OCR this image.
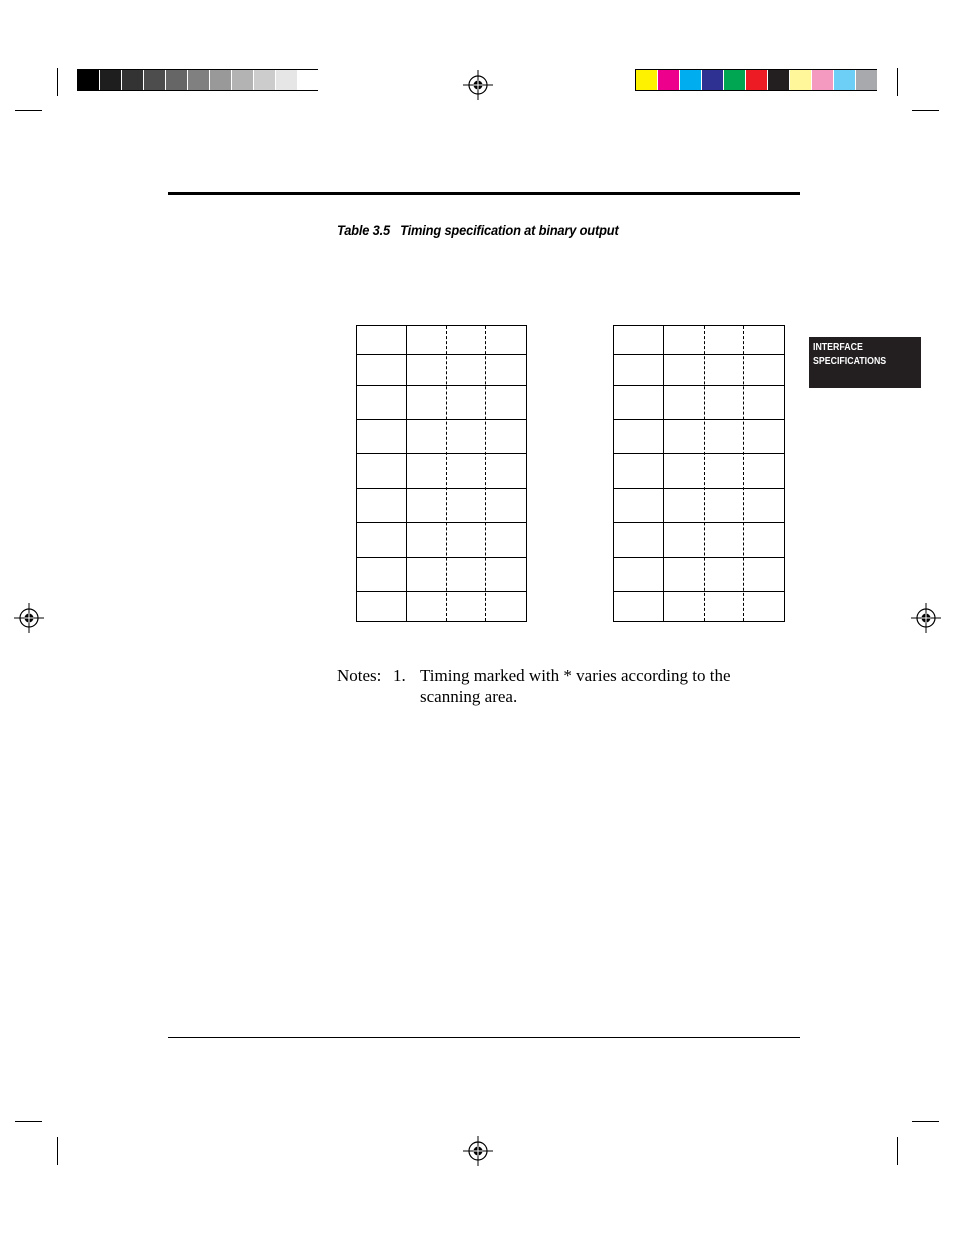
Table 3.5   Timing specification at binary output
INTERFACE
SPECIFICATIONS
Notes: 1. Timing marked with * varies according to the scanning area.
